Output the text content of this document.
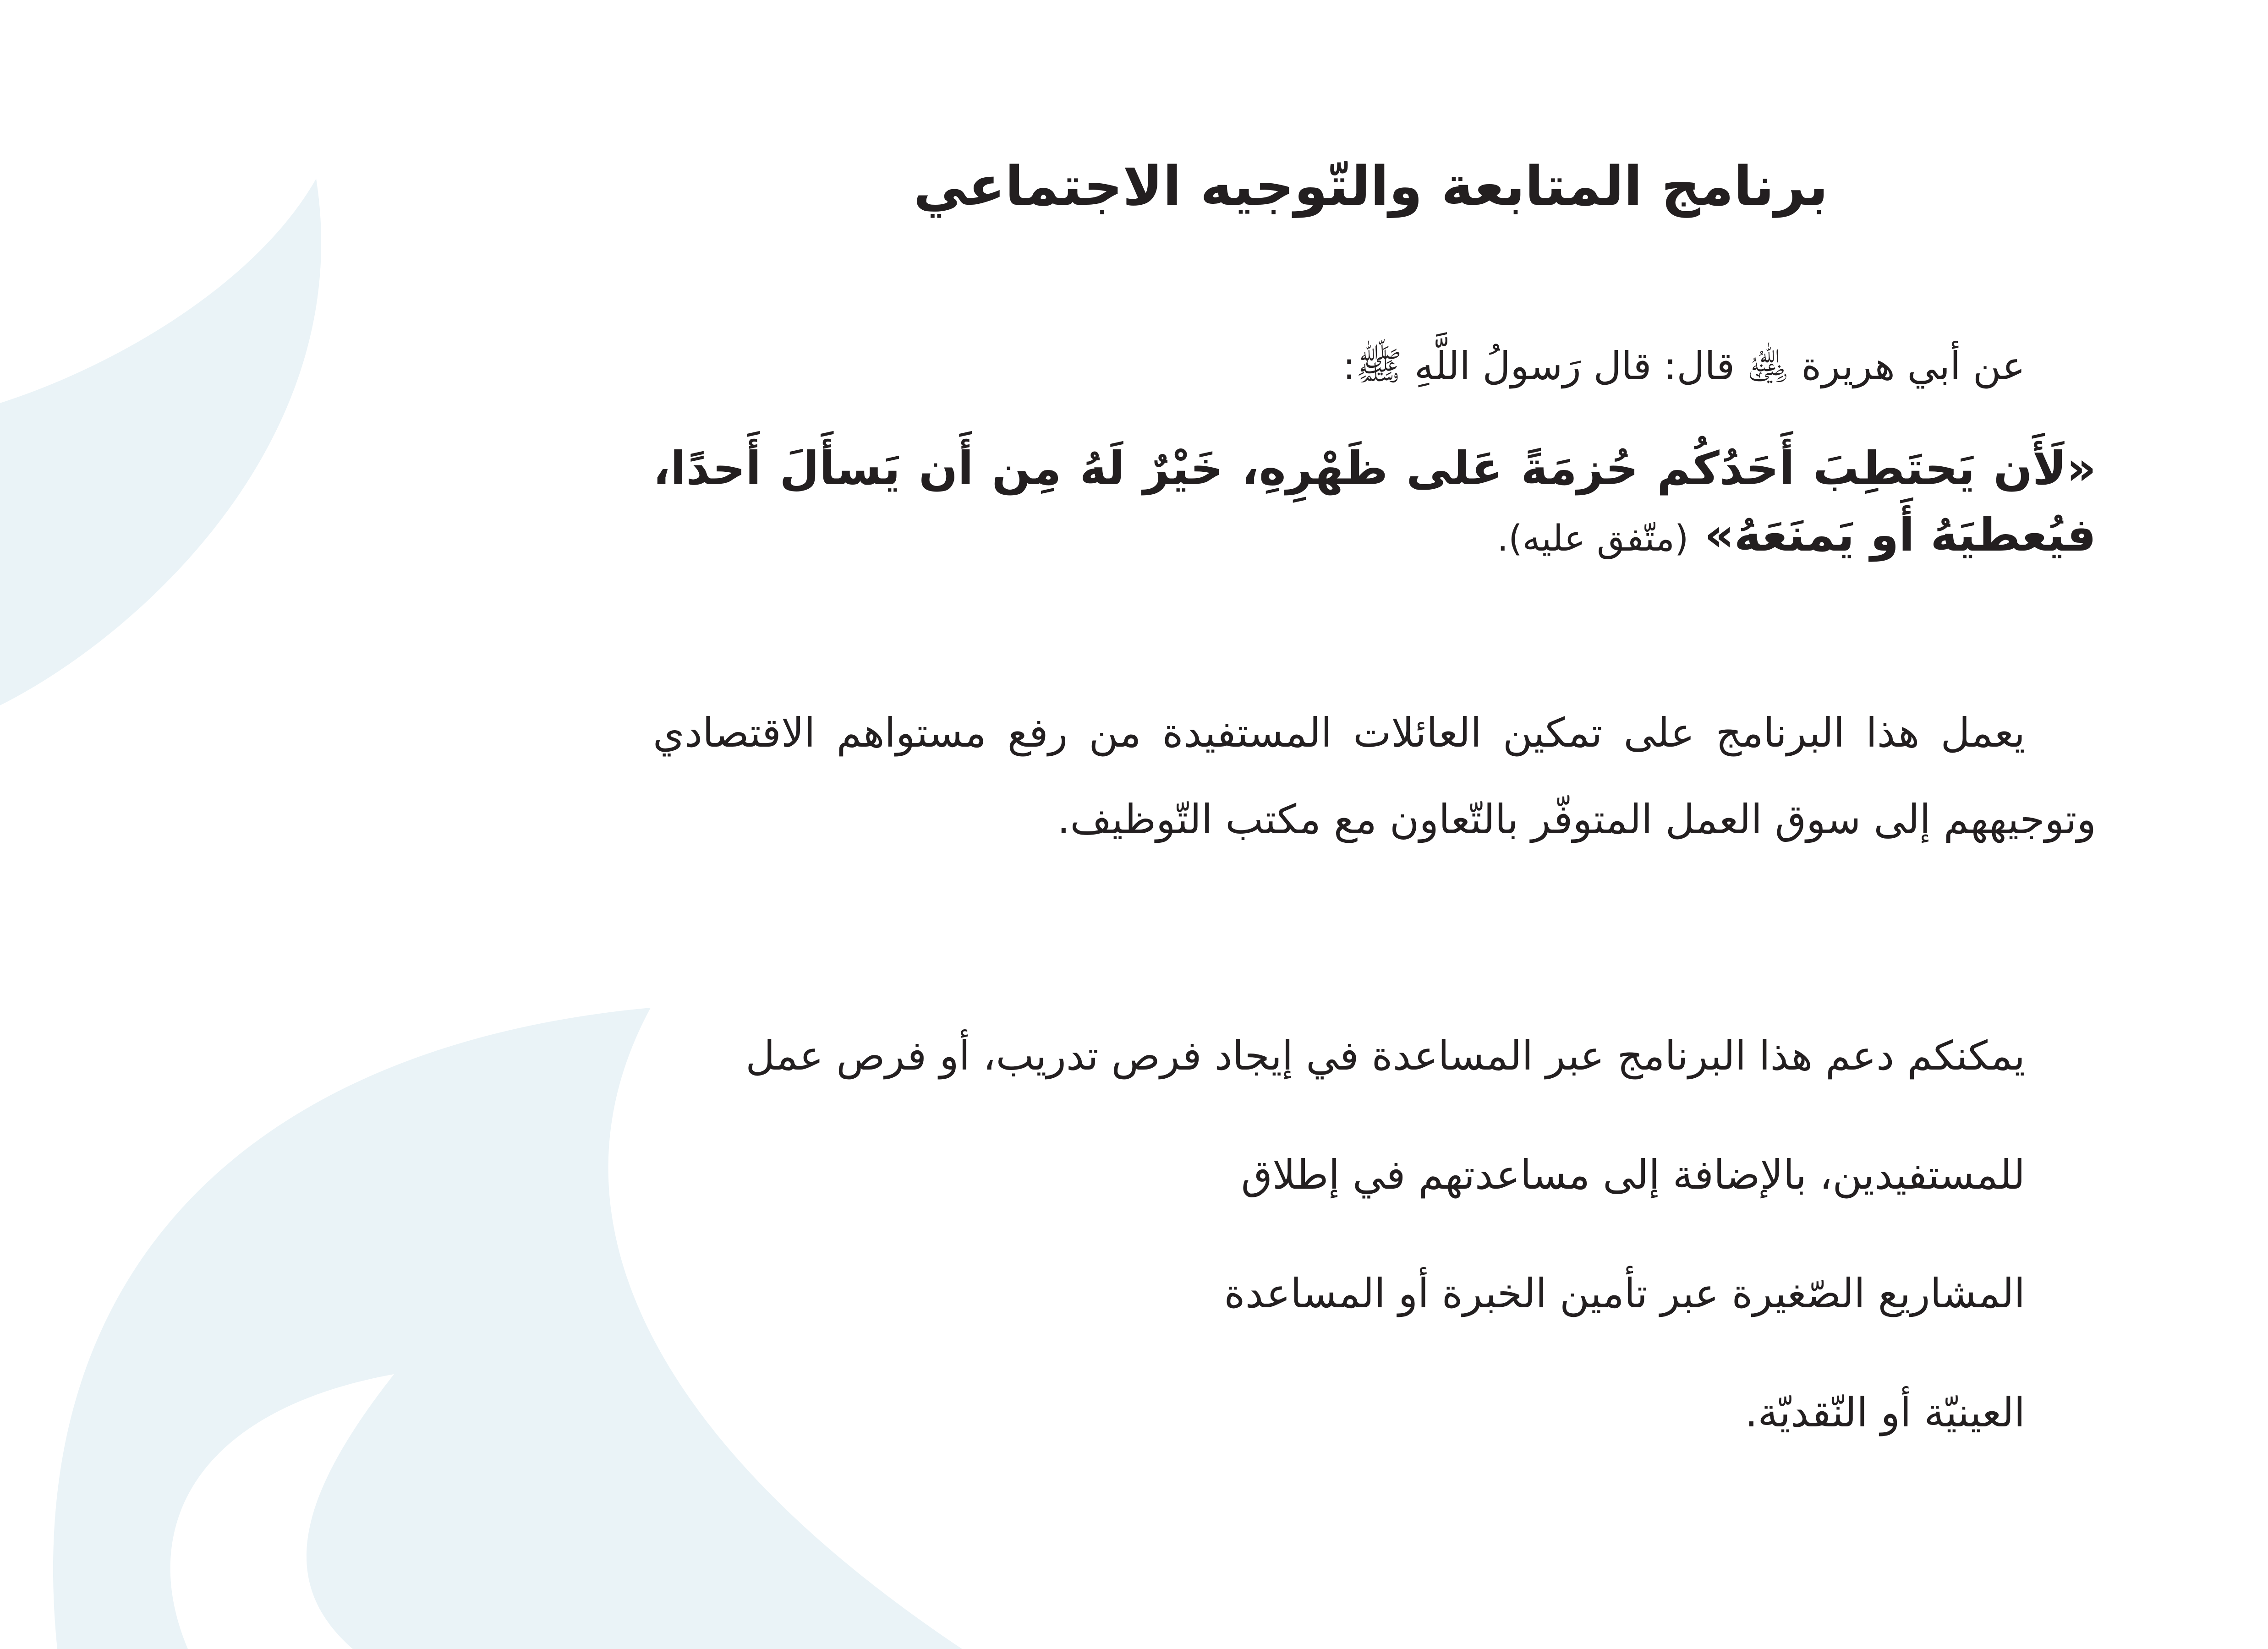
برنامج المتابعة والتّوجيه الاجتماعي

عن أبي هريرة ﵁ قال: قال رَسولُ اللَّهِ ﷺ:

«لَأَن يَحتَطِبَ أَحَدُكُم حُزمَةً عَلى ظَهْرِهِ، خَيْرٌ لَهُ مِن أَن يَسأَلَ أَحدًا، فيُعطيَهُ أَو يَمنَعَهُ» (متّفق عليه).

يعمل هذا البرنامج على تمكين العائلات المستفيدة من رفع مستواهم الاقتصادي وتوجيههم إلى سوق العمل المتوفّر بالتّعاون مع مكتب التّوظيف.

يمكنكم دعم هذا البرنامج عبر المساعدة في إيجاد فرص تدريب، أو فرص عمل
للمستفيدين، بالإضافة إلى مساعدتهم في إطلاق
المشاريع الصّغيرة عبر تأمين الخبرة أو المساعدة
العينيّة أو النّقديّة.
